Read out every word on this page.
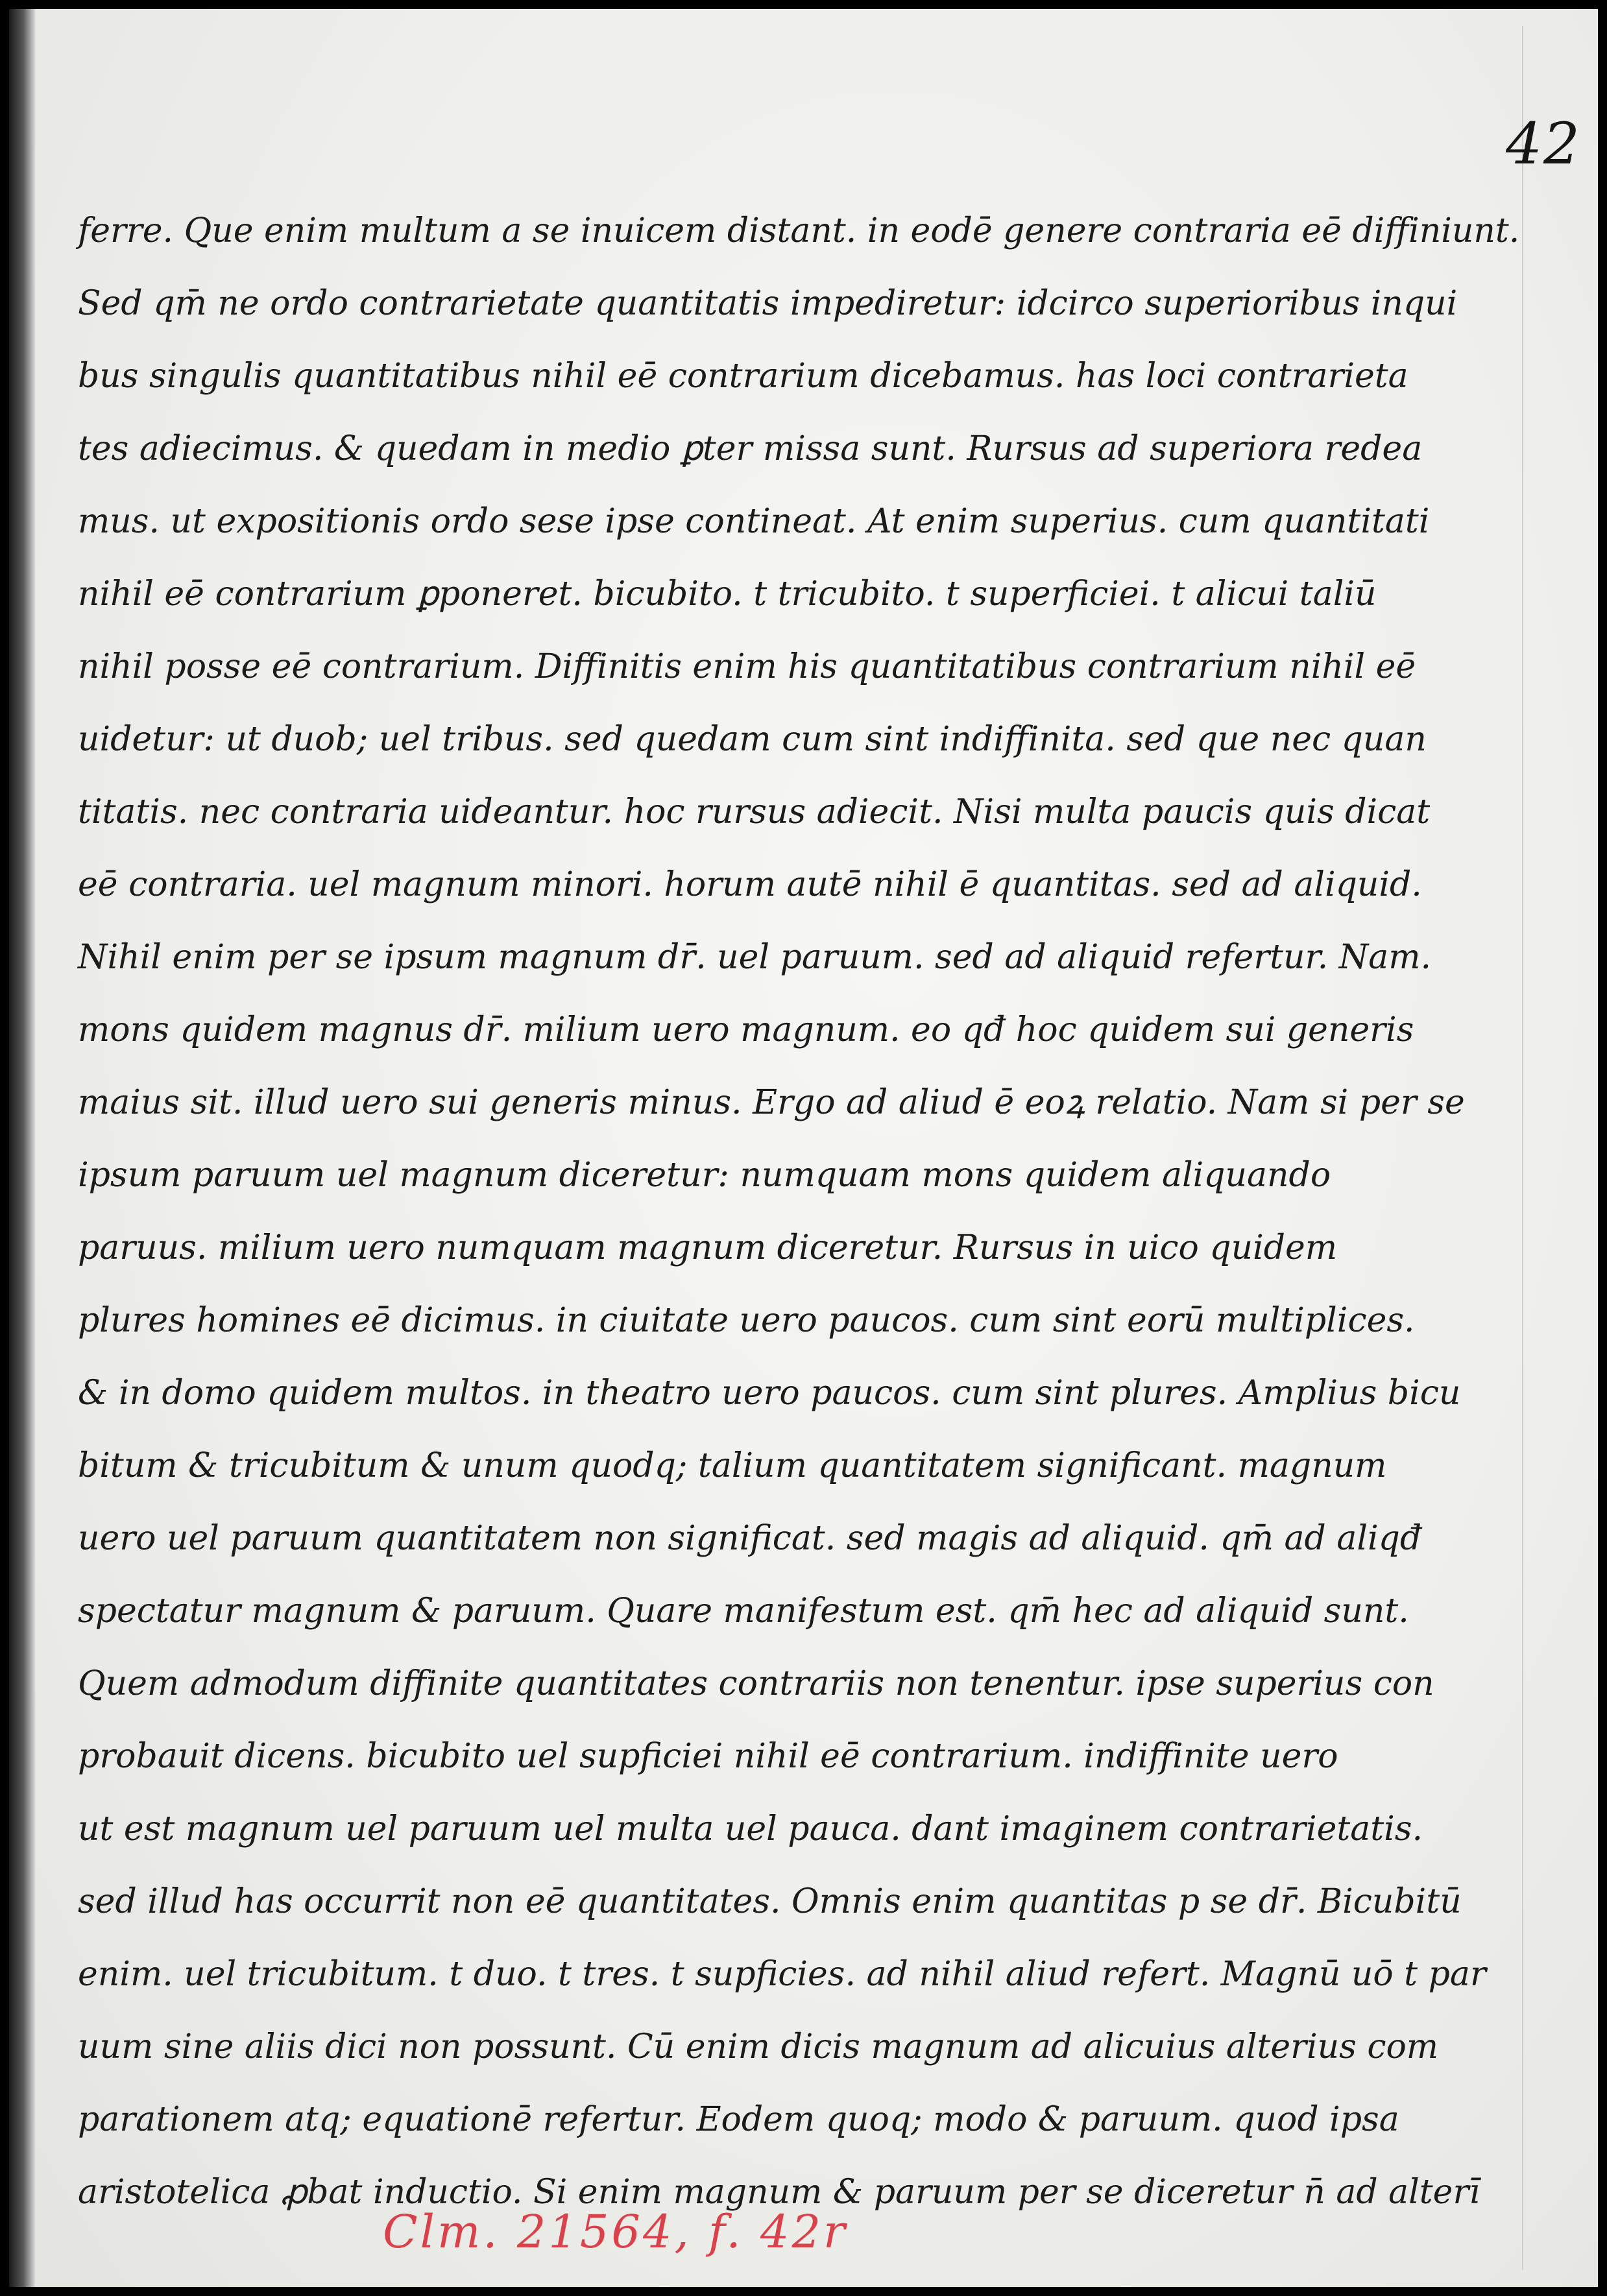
42
ferre. Que enim multum a se inuicem distant. in eodē genere contraria eē diffiniunt.
Sed qm̄ ne ordo contrarietate quantitatis impediretur: idcirco superioribus inqui
bus singulis quantitatibus nihil eē contrarium dicebamus. has loci contrarieta
tes adiecimus. & quedam in medio ꝑter missa sunt. Rursus ad superiora redea
mus. ut expositionis ordo sese ipse contineat. At enim superius. cum quantitati
nihil eē contrarium ꝑponeret. bicubito. t tricubito. t superficiei. t alicui taliū
nihil posse eē contrarium. Diffinitis enim his quantitatibus contrarium nihil eē
uidetur: ut duob; uel tribus. sed quedam cum sint indiffinita. sed que nec quan
titatis. nec contraria uideantur. hoc rursus adiecit. Nisi multa paucis quis dicat
eē contraria. uel magnum minori. horum autē nihil ē quantitas. sed ad aliquid.
Nihil enim per se ipsum magnum dr̄. uel paruum. sed ad aliquid refertur. Nam.
mons quidem magnus dr̄. milium uero magnum. eo qđ hoc quidem sui generis
maius sit. illud uero sui generis minus. Ergo ad aliud ē eoꝝ relatio. Nam si per se
ipsum paruum uel magnum diceretur: numquam mons quidem aliquando
paruus. milium uero numquam magnum diceretur. Rursus in uico quidem
plures homines eē dicimus. in ciuitate uero paucos. cum sint eorū multiplices.
& in domo quidem multos. in theatro uero paucos. cum sint plures. Amplius bicu
bitum & tricubitum & unum quodq; talium quantitatem significant. magnum
uero uel paruum quantitatem non significat. sed magis ad aliquid. qm̄ ad aliqđ
spectatur magnum & paruum. Quare manifestum est. qm̄ hec ad aliquid sunt.
Quem admodum diffinite quantitates contrariis non tenentur. ipse superius con
probauit dicens. bicubito uel supficiei nihil eē contrarium. indiffinite uero
ut est magnum uel paruum uel multa uel pauca. dant imaginem contrarietatis.
sed illud has occurrit non eē quantitates. Omnis enim quantitas p se dr̄. Bicubitū
enim. uel tricubitum. t duo. t tres. t supficies. ad nihil aliud refert. Magnū uō t par
uum sine aliis dici non possunt. Cū enim dicis magnum ad alicuius alterius com
parationem atq; equationē refertur. Eodem quoq; modo & paruum. quod ipsa
aristotelica ꝓbat inductio. Si enim magnum & paruum per se diceretur n̄ ad alterī
Clm. 21564, f. 42r
